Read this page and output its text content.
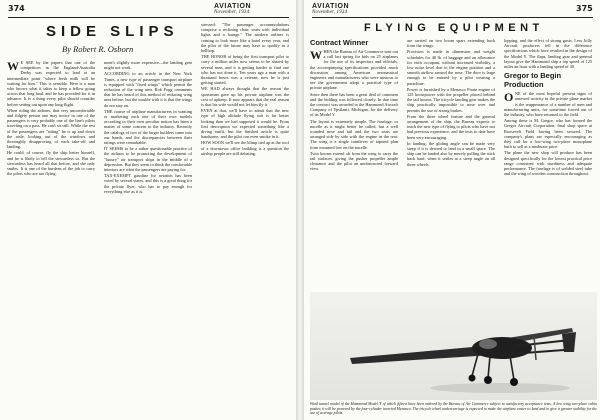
374	AVIATION
November, 1934
SIDE SLIPS
By Robert R. Osborn

W E SEE by the papers that one of the competitors in the England-Australia Derby was expected to land at an intermediate point "where fresh milk will be waiting for him." This is sensible. Here is a man who knows what it takes to keep a fellow going across that long haul, and he has provided for it in advance. It is a thing every pilot should consider before setting out upon any long flight.

When riding the airlines, that very uncomfortable and fidgety person one may notice in one of the passengers is very probably one of the line's pilots traveling on a pass. He can't sit still. While the rest of the passengers are "sitting" he is up and down the aisle, looking out of the windows and thoroughly disapproving of each take-off and landing.

He could, of course, fly the ship better himself, and he is likely to tell the stewardess so. But the stewardess has heard all that before, and she only smiles. It is one of the burdens of the job to carry the pilots who are not flying.

ment's slightly more expensive—the landing gear might not work.

ACCORDING to an article in the New York Times, a new type of passenger transport airplane is equipped with "fixed wings" which permit the reduction of the wing area. Rob Fogg comments that he has heard of this method of reducing wing area before, but the trouble with it is that the wings do not stay on.

THE course of airplane manufacturers in wanting or marketing each one of their own models according to their own peculiar notion has been a matter of some concern to the industry. Recently the catalogs of two of the larger builders came into our hands, and the discrepancies between their ratings were remarkable.

IT SEEMS to be a rather questionable practice of the airlines to be promoting the development of "luxury" air transport ships in the middle of a depression. But they seem to think the comfortable interiors are what the passengers are paying for.

TAX-EXEMPT gasoline for aviation has been voted by several states, and this is a good thing for the private flyer, who has to pay enough for everything else as it is.

stressed: "The passenger accommodations comprise a reclining chair, seats with individual lights and a lounge." The modern airliner is coming to look more like a hotel every year, and the pilot of the future may have to qualify as a bellhop.

THE HONOR of being the first transport pilot to carry a million miles now seems to be shared by several men, and it is getting harder to find one who has not done it. Ten years ago a man with a thousand hours was a veteran; now he is just getting started.

WE HAD always thought that the reason the sportsman gave up his private airplane was the cost of upkeep. It now appears that the real reason is that his wife would not let him fly it.

EVEN at that, we'll have to admit that the new type of high altitude flying suit is far better looking than we had supposed it would be. From first description we expected something like a diving outfit, but the finished article is quite handsome, and the pilot can even smoke in it.

HOW SOON we'll see the blimp tied up at the roof of a downtown office building is a question the airship people are still debating.

AVIATION
November, 1934	375
FLYING EQUIPMENT
Contract Winner

WHEN the Bureau of Air Commerce sent out a call last spring for bids on 25 airplanes for the use of its inspectors and officials, the accompanying specifications provided much discussion among American aeronautical engineers and manufacturers who were anxious to see the government adopt a practical type of private airplane.

Since then there has been a great deal of comment and the bidding was followed closely. In due time the contract was awarded to the Hammond Aircraft Company of Ypsilanti, Michigan, for the delivery of its Model Y.

The layout is extremely simple. The fuselage, or nacelle as it might better be called, has a well rounded nose and tail and the two seats are arranged side by side with the engine in the rear. The wing is a single cantilever of tapered plan form mounted low on the nacelle.

Twin booms extend aft from the wing to carry the tail surfaces, giving the pusher propeller ample clearance and the pilot an unobstructed forward view.

are carried on two boom spars extending back from the wings.

Provision is made in dimension and weight schedules for 40 lb. of baggage and an allowance for each occupant, without increased visibility, a low noise level due to the engine position and a smooth airflow around the nose. The door is large enough to be entered by a pilot wearing a parachute.

Power is furnished by a Menasco Pirate engine of 125 horsepower with the propeller placed behind the tail booms. The tricycle landing gear makes the ship practically impossible to nose over and permits the use of strong brakes.

From the three wheel feature and the general arrangement of the ship, the Bureau expects to teach the new type of flying to pilots who have not had previous experience, and the tests to date have been very encouraging.

In landing, the gliding angle can be made very steep if it is desired to land in a small space. The ship can be landed also by merely pulling the stick back hard, when it settles at a steep angle on all three wheels.

lopping, and the effect of strong gusts. Less Jolly Aircraft producers fell in the difference specifications which have resulted in the design of the Model Y. The flaps, landing gear and general layout give the Hammond ship a top speed of 125 miles an hour with a landing speed of 40.

Gregor to Begin Production

ONE of the most hopeful present signs of renewed activity in the private plane market is the reappearance of a number of men and manufacturing units, for sometime forced out of the industry, who have returned to the field.

Among these is M. Gregor, who has formed the Gregor Aircraft Corporation, final shop space at Roosevelt Field having been secured. The company's plans are especially encouraging as they call for a low-wing two-place monoplane built to sell at a moderate price.

The plane the new shop will produce has been designed specifically for the lowest practical price range consistent with sturdiness and adequate performance. The fuselage is of welded steel tube and the wing of wooden construction throughout.

Wind tunnel model of the Hammond Model Y of which fifteen have been ordered by the Bureau of Air Commerce subject to satisfactory acceptance tests. A low wing two-place cabin pusher, it will be powered by the four-cylinder inverted Menasco. The tricycle wheel undercarriage is expected to make the airplane easier to land and to give it greater stability for the use of average pilots.
